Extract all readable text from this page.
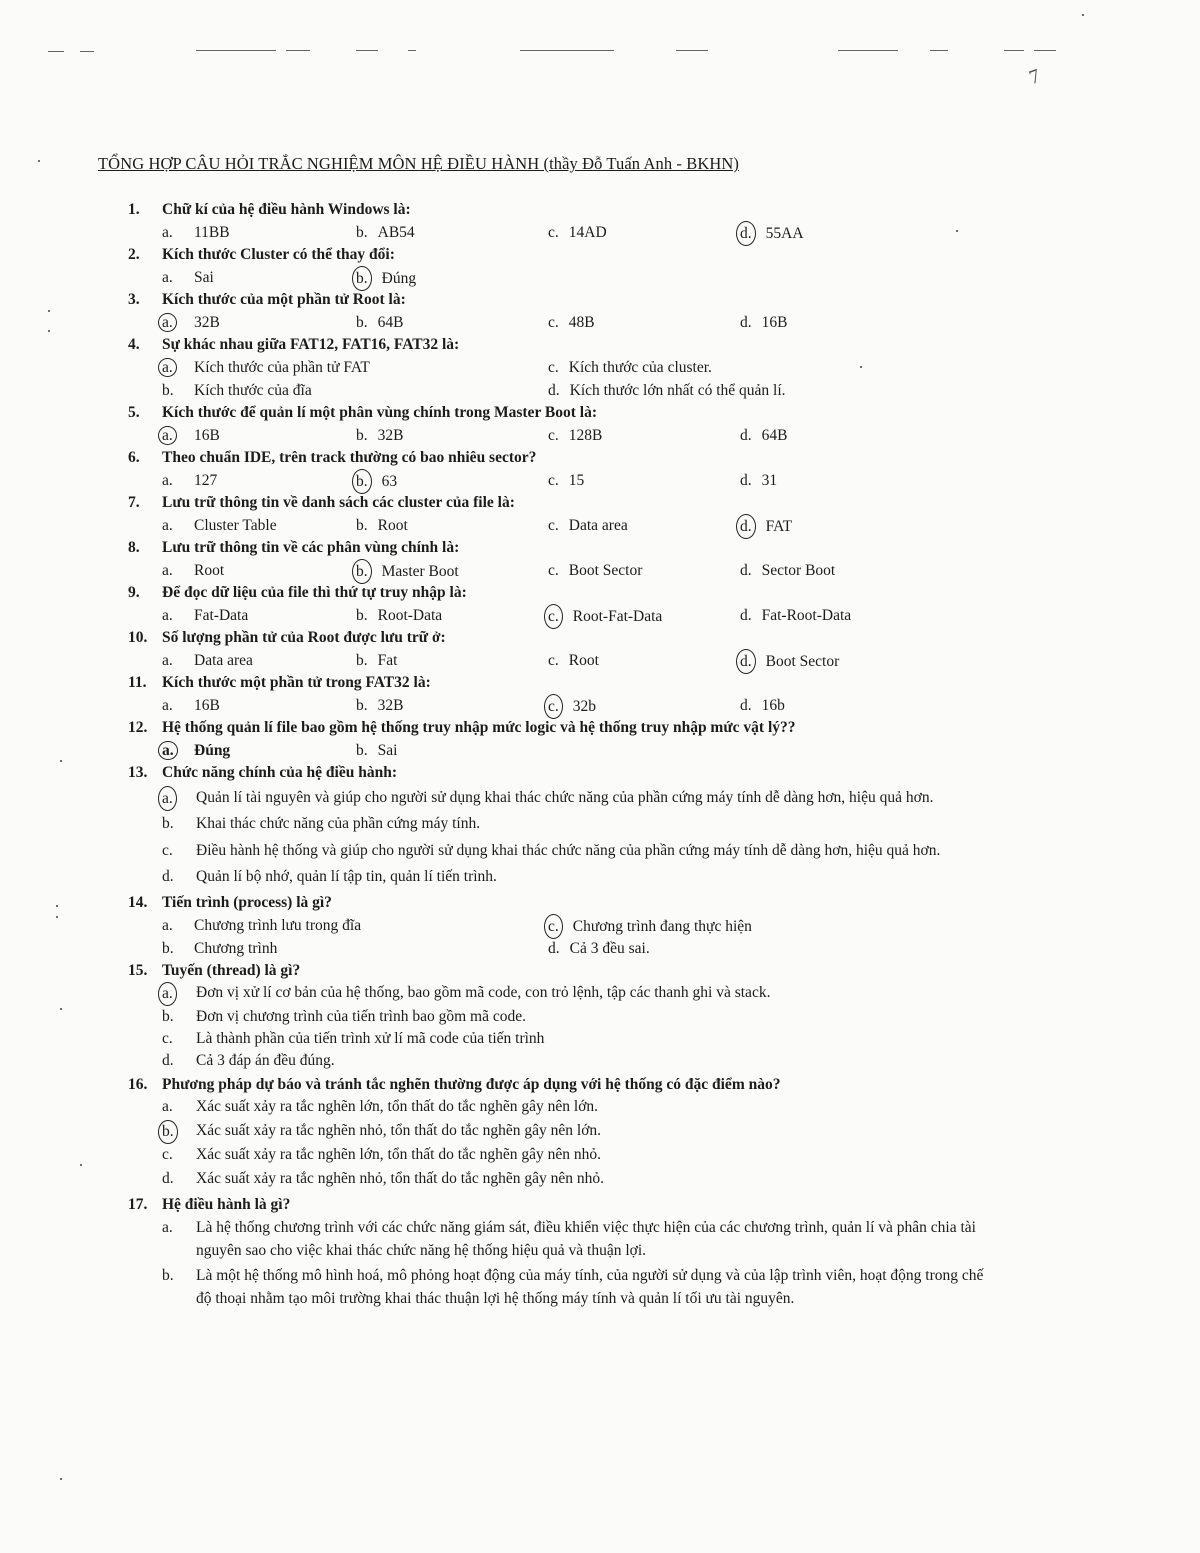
7
TỔNG HỢP CÂU HỎI TRẮC NGHIỆM MÔN HỆ ĐIỀU HÀNH (thầy Đỗ Tuấn Anh - BKHN)
1. Chữ kí của hệ điều hành Windows là:
a. 11BB	b. AB54	c. 14AD	d. 55AA
2. Kích thước Cluster có thể thay đổi:
a. Sai	b. Đúng
3. Kích thước của một phần tử Root là:
a. 32B	b. 64B	c. 48B	d. 16B
4. Sự khác nhau giữa FAT12, FAT16, FAT32 là:
a. Kích thước của phần tử FAT	c. Kích thước của cluster.
b. Kích thước của đĩa	d. Kích thước lớn nhất có thể quản lí.
5. Kích thước để quản lí một phân vùng chính trong Master Boot là:
a. 16B	b. 32B	c. 128B	d. 64B
6. Theo chuẩn IDE, trên track thường có bao nhiêu sector?
a. 127	b. 63	c. 15	d. 31
7. Lưu trữ thông tin về danh sách các cluster của file là:
a. Cluster Table	b. Root	c. Data area	d. FAT
8. Lưu trữ thông tin về các phân vùng chính là:
a. Root	b. Master Boot	c. Boot Sector	d. Sector Boot
9. Để đọc dữ liệu của file thì thứ tự truy nhập là:
a. Fat-Data	b. Root-Data	c. Root-Fat-Data	d. Fat-Root-Data
10. Số lượng phần tử của Root được lưu trữ ở:
a. Data area	b. Fat	c. Root	d. Boot Sector
11. Kích thước một phần tử trong FAT32 là:
a. 16B	b. 32B	c. 32b	d. 16b
12. Hệ thống quản lí file bao gồm hệ thống truy nhập mức logic và hệ thống truy nhập mức vật lý??
a. Đúng	b. Sai
13. Chức năng chính của hệ điều hành:
a. Quản lí tài nguyên và giúp cho người sử dụng khai thác chức năng của phần cứng máy tính dễ dàng hơn, hiệu quả hơn.
b. Khai thác chức năng của phần cứng máy tính.
c. Điều hành hệ thống và giúp cho người sử dụng khai thác chức năng của phần cứng máy tính dễ dàng hơn, hiệu quả hơn.
d. Quản lí bộ nhớ, quản lí tập tin, quản lí tiến trình.
14. Tiến trình (process) là gì?
a. Chương trình lưu trong đĩa	c. Chương trình đang thực hiện
b. Chương trình	d. Cả 3 đều sai.
15. Tuyến (thread) là gì?
a. Đơn vị xử lí cơ bản của hệ thống, bao gồm mã code, con trỏ lệnh, tập các thanh ghi và stack.
b. Đơn vị chương trình của tiến trình bao gồm mã code.
c. Là thành phần của tiến trình xử lí mã code của tiến trình
d. Cả 3 đáp án đều đúng.
16. Phương pháp dự báo và tránh tắc nghẽn thường được áp dụng với hệ thống có đặc điểm nào?
a. Xác suất xảy ra tắc nghẽn lớn, tổn thất do tắc nghẽn gây nên lớn.
b. Xác suất xảy ra tắc nghẽn nhỏ, tổn thất do tắc nghẽn gây nên lớn.
c. Xác suất xảy ra tắc nghẽn lớn, tổn thất do tắc nghẽn gây nên nhỏ.
d. Xác suất xảy ra tắc nghẽn nhỏ, tổn thất do tắc nghẽn gây nên nhỏ.
17. Hệ điều hành là gì?
a. Là hệ thống chương trình với các chức năng giám sát, điều khiển việc thực hiện của các chương trình, quản lí và phân chia tài nguyên sao cho việc khai thác chức năng hệ thống hiệu quả và thuận lợi.
b. Là một hệ thống mô hình hoá, mô phỏng hoạt động của máy tính, của người sử dụng và của lập trình viên, hoạt động trong chế độ thoại nhằm tạo môi trường khai thác thuận lợi hệ thống máy tính và quản lí tối ưu tài nguyên.
